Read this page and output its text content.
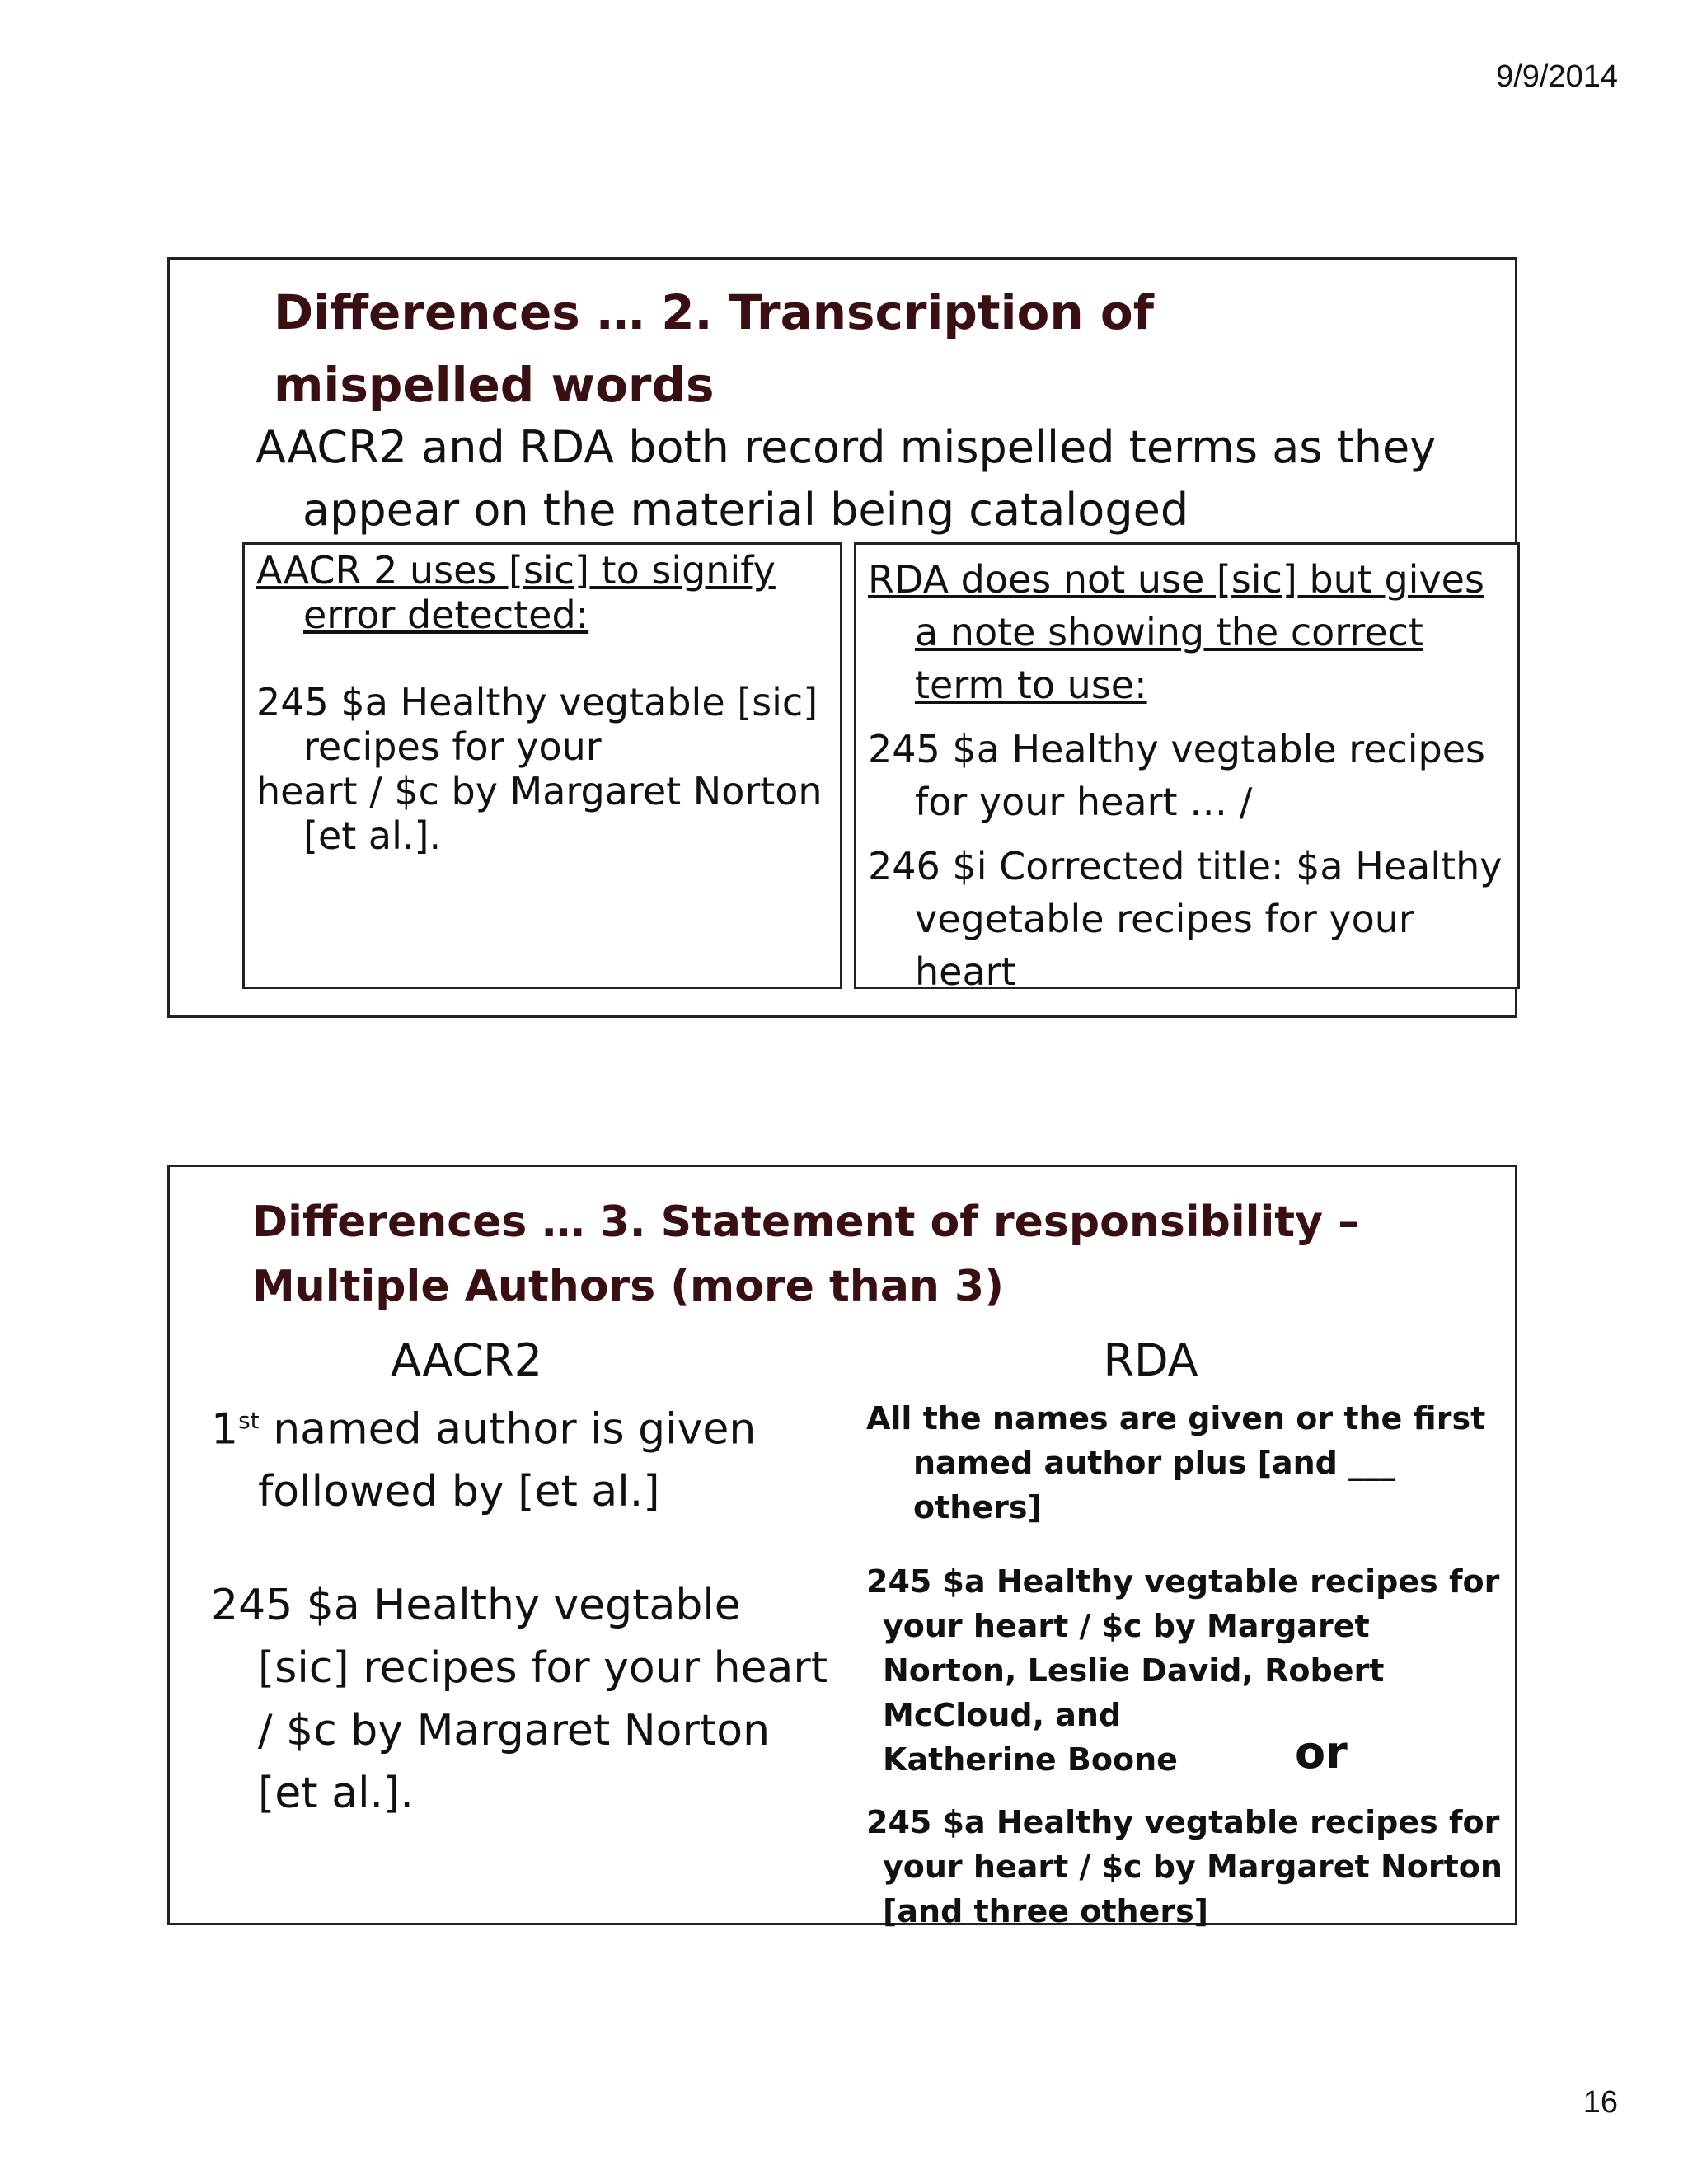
9/9/2014
Differences … 2. Transcription of mispelled words
AACR2 and RDA both record mispelled terms as they appear on the material being cataloged

AACR 2 uses [sic] to signify error detected:

245 $a Healthy vegtable [sic] recipes for your

heart / $c by Margaret Norton [et al.].

RDA does not use [sic] but gives a note showing the correct term to use:

245 $a Healthy vegtable recipes for your heart … /

246 $i Corrected title: $a Healthy vegetable recipes for your heart

Differences … 3. Statement of responsibility – Multiple Authors (more than 3)
AACR2

1st named author is given followed by [et al.]

245 $a Healthy vegtable [sic] recipes for your heart / $c by Margaret Norton [et al.].

RDA

All the names are given or the first named author plus [and ___ others]

245 $a Healthy vegtable recipes for your heart / $c by Margaret Norton, Leslie David, Robert McCloud, and

Katherine Boone	or

245 $a Healthy vegtable recipes for your heart / $c by Margaret Norton [and three others]

16
